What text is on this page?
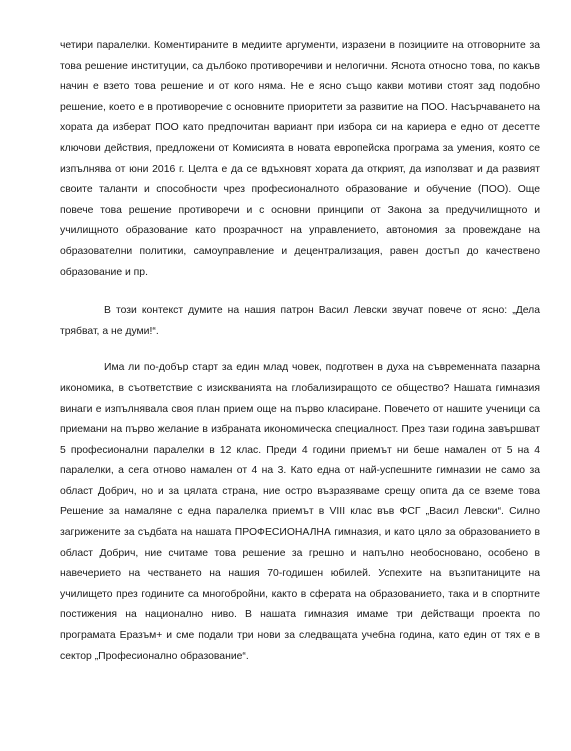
четири паралелки. Коментираните в медиите аргументи, изразени в позициите на отговорните за това решение институции, са дълбоко противоречиви и нелогични. Яснота относно това, по какъв начин е взето това решение и от кого няма. Не е ясно също какви мотиви стоят зад подобно решение, което е в противоречие с основните приоритети за развитие на ПОО. Насърчаването на хората да изберат ПОО като предпочитан вариант при избора си на кариера е едно от десетте ключови действия, предложени от Комисията в новата европейска програма за умения, която се изпълнява от юни 2016 г. Целта е да се вдъхновят хората да открият, да използват и да развият своите таланти и способности чрез професионалното образование и обучение (ПОО). Още повече това решение противоречи и с основни принципи от Закона за предучилищното и училищното образование като прозрачност на управлението, автономия за провеждане на образователни политики, самоуправление и децентрализация, равен достъп до качествено образование и пр.

В този контекст думите на нашия патрон Васил Левски звучат повече от ясно: „Дела трябват, а не думи!“.

Има ли по-добър старт за един млад човек, подготвен в духа на съвременната пазарна икономика, в съответствие с изискванията на глобализиращото се общество? Нашата гимназия винаги е изпълнявала своя план прием още на първо класиране. Повечето от нашите ученици са приемани на първо желание в избраната икономическа специалност. През тази година завършват 5 професионални паралелки в 12 клас. Преди 4 години приемът ни беше намален от 5 на 4 паралелки, а сега отново намален от 4 на 3. Като една от най-успешните гимназии не само за област Добрич, но и за цялата страна, ние остро възразяваме срещу опита да се вземе това Решение за намаляне с една паралелка приемът в VIII клас във ФСГ „Васил Левски“. Силно загрижените за съдбата на нашата ПРОФЕСИОНАЛНА гимназия, и като цяло за образованието в област Добрич, ние считаме това решение за грешно и напълно необосновано, особено в навечерието на честването на нашия 70-годишен юбилей. Успехите на възпитаниците на училището през годините са многобройни, както в сферата на образованието, така и в спортните постижения на национално ниво. В нашата гимназия имаме три действащи проекта по програмата Еразъм+ и сме подали три нови за следващата учебна година, като един от тях е в сектор „Професионално образование“.
